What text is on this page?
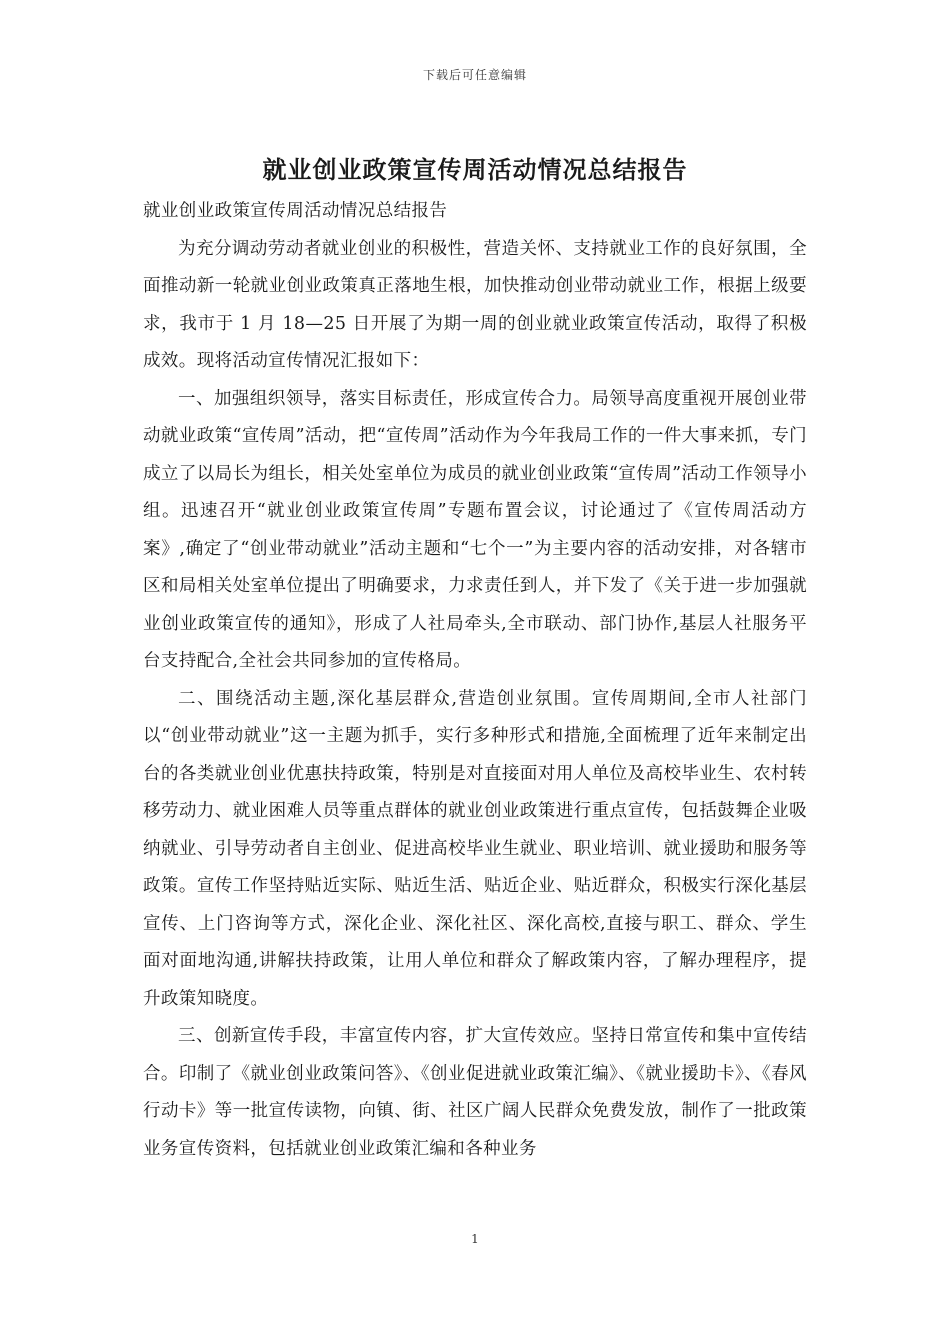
下载后可任意编辑
就业创业政策宣传周活动情况总结报告

就业创业政策宣传周活动情况总结报告

为充分调动劳动者就业创业的积极性，营造关怀、支持就业工作的良好氛围，全面推动新一轮就业创业政策真正落地生根，加快推动创业带动就业工作，根据上级要求，我市于 1 月 18—25 日开展了为期一周的创业就业政策宣传活动，取得了积极成效。现将活动宣传情况汇报如下：

一、加强组织领导，落实目标责任，形成宣传合力。局领导高度重视开展创业带动就业政策“宣传周”活动，把“宣传周”活动作为今年我局工作的一件大事来抓，专门成立了以局长为组长，相关处室单位为成员的就业创业政策“宣传周”活动工作领导小组。迅速召开“就业创业政策宣传周”专题布置会议，讨论通过了《宣传周活动方案》,确定了“创业带动就业”活动主题和“七个一”为主要内容的活动安排，对各辖市区和局相关处室单位提出了明确要求，力求责任到人，并下发了《关于进一步加强就业创业政策宣传的通知》，形成了人社局牵头,全市联动、部门协作,基层人社服务平台支持配合,全社会共同参加的宣传格局。

二、围绕活动主题,深化基层群众,营造创业氛围。宣传周期间,全市人社部门以“创业带动就业”这一主题为抓手，实行多种形式和措施,全面梳理了近年来制定出台的各类就业创业优惠扶持政策，特别是对直接面对用人单位及高校毕业生、农村转移劳动力、就业困难人员等重点群体的就业创业政策进行重点宣传，包括鼓舞企业吸纳就业、引导劳动者自主创业、促进高校毕业生就业、职业培训、就业援助和服务等政策。宣传工作坚持贴近实际、贴近生活、贴近企业、贴近群众，积极实行深化基层宣传、上门咨询等方式，深化企业、深化社区、深化高校,直接与职工、群众、学生面对面地沟通,讲解扶持政策，让用人单位和群众了解政策内容，了解办理程序，提升政策知晓度。

三、创新宣传手段，丰富宣传内容，扩大宣传效应。坚持日常宣传和集中宣传结合。印制了《就业创业政策问答》、《创业促进就业政策汇编》、《就业援助卡》、《春风行动卡》等一批宣传读物，向镇、街、社区广阔人民群众免费发放，制作了一批政策业务宣传资料，包括就业创业政策汇编和各种业务

1
